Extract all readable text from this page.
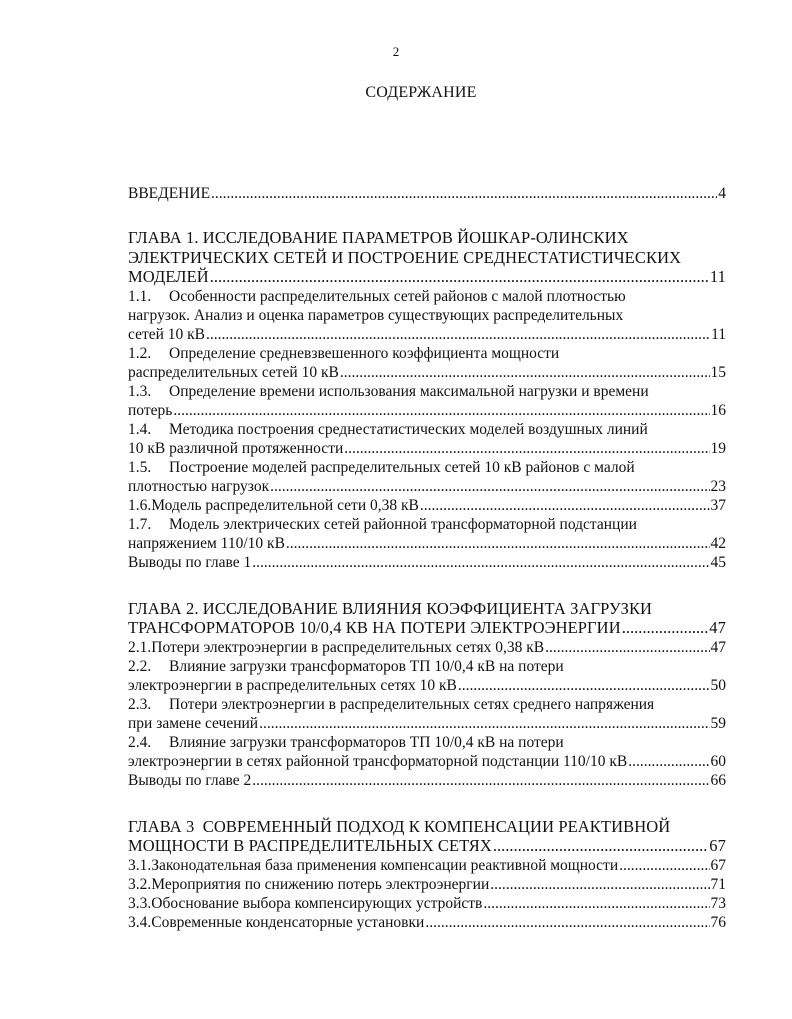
2
СОДЕРЖАНИЕ
ВВЕДЕНИЕ .....	4
ГЛАВА 1. ИССЛЕДОВАНИЕ ПАРАМЕТРОВ ЙОШКАР-ОЛИНСКИХ
ЭЛЕКТРИЧЕСКИХ СЕТЕЙ И ПОСТРОЕНИЕ СРЕДНЕСТАТИСТИЧЕСКИХ
МОДЕЛЕЙ .....	11
1.1. Особенности распределительных сетей районов с малой плотностью
нагрузок. Анализ и оценка параметров существующих распределительных
сетей 10 кВ .....	11
1.2. Определение средневзвешенного коэффициента мощности
распределительных сетей 10 кВ .....	15
1.3. Определение времени использования максимальной нагрузки и времени
потерь .....	16
1.4. Методика построения среднестатистических моделей воздушных линий
10 кВ различной протяженности .....	19
1.5. Построение моделей распределительных сетей 10 кВ районов с малой
плотностью нагрузок .....	23
1.6. Модель распределительной сети 0,38 кВ .....	37
1.7. Модель электрических сетей районной трансформаторной подстанции
напряжением 110/10 кВ .....	42
Выводы по главе 1 .....	45
ГЛАВА 2. ИССЛЕДОВАНИЕ ВЛИЯНИЯ КОЭФФИЦИЕНТА ЗАГРУЗКИ
ТРАНСФОРМАТОРОВ 10/0,4 КВ НА ПОТЕРИ ЭЛЕКТРОЭНЕРГИИ .....	47
2.1. Потери электроэнергии в распределительных сетях 0,38 кВ .....	47
2.2. Влияние загрузки трансформаторов ТП 10/0,4 кВ на потери
электроэнергии в распределительных сетях 10 кВ .....	50
2.3. Потери электроэнергии в распределительных сетях среднего напряжения
при замене сечений .....	59
2.4. Влияние загрузки трансформаторов ТП 10/0,4 кВ на потери
электроэнергии в сетях районной трансформаторной подстанции 110/10 кВ .....	60
Выводы по главе 2 .....	66
ГЛАВА 3  СОВРЕМЕННЫЙ ПОДХОД К КОМПЕНСАЦИИ РЕАКТИВНОЙ
МОЩНОСТИ В РАСПРЕДЕЛИТЕЛЬНЫХ СЕТЯХ .....	67
3.1. Законодательная база применения компенсации реактивной мощности .....	67
3.2. Мероприятия по снижению потерь электроэнергии .....	71
3.3. Обоснование выбора компенсирующих устройств .....	73
3.4. Современные конденсаторные установки .....	76
